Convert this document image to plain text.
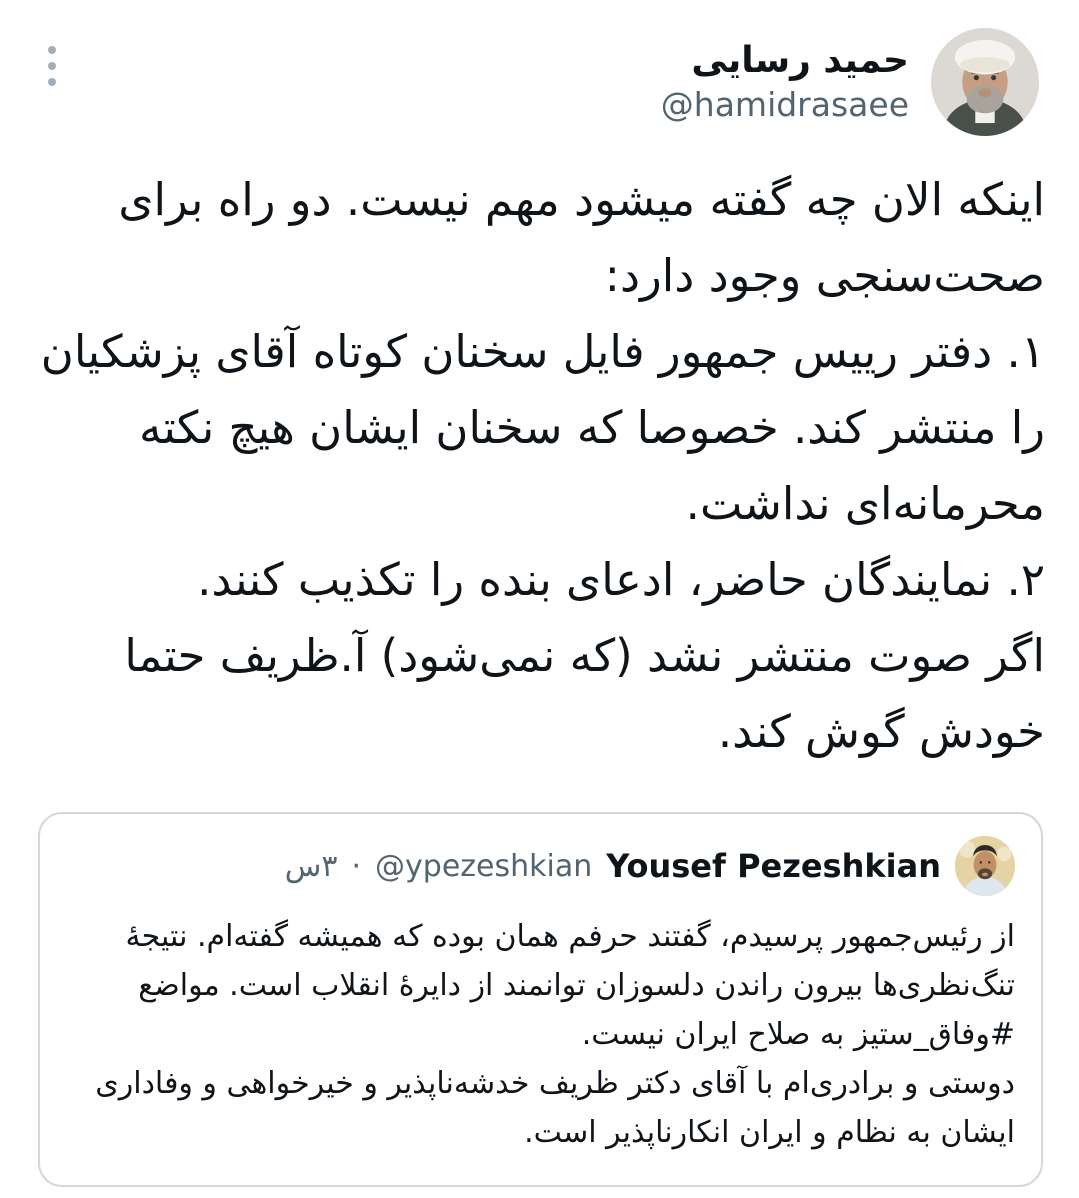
حمید رسایی
@hamidrasaee

اینکه الان چه گفته میشود مهم نیست. دو راه برای صحت‌سنجی وجود دارد:

۱. دفتر رییس جمهور فایل سخنان کوتاه آقای پزشکیان را منتشر کند. خصوصا که سخنان ایشان هیچ نکته محرمانه‌ای نداشت.

۲. نمایندگان حاضر، ادعای بنده را تکذیب کنند.

اگر صوت منتشر نشد (که نمی‌شود) آ.ظریف حتما خودش گوش کند.

Yousef Pezeshkian
@ypezeshkian
·
۳س

از رئیس‌جمهور پرسیدم، گفتند حرفم همان بوده که همیشه گفته‌ام. نتیجهٔ تنگ‌نظری‌ها بیرون راندن دلسوزان توانمند از دایرهٔ انقلاب است. مواضع #وفاق_ستیز به صلاح ایران نیست.

دوستی و برادری‌ام با آقای دکتر ظریف خدشه‌ناپذیر و خیرخواهی و وفاداری ایشان به نظام و ایران انکارناپذیر است.
